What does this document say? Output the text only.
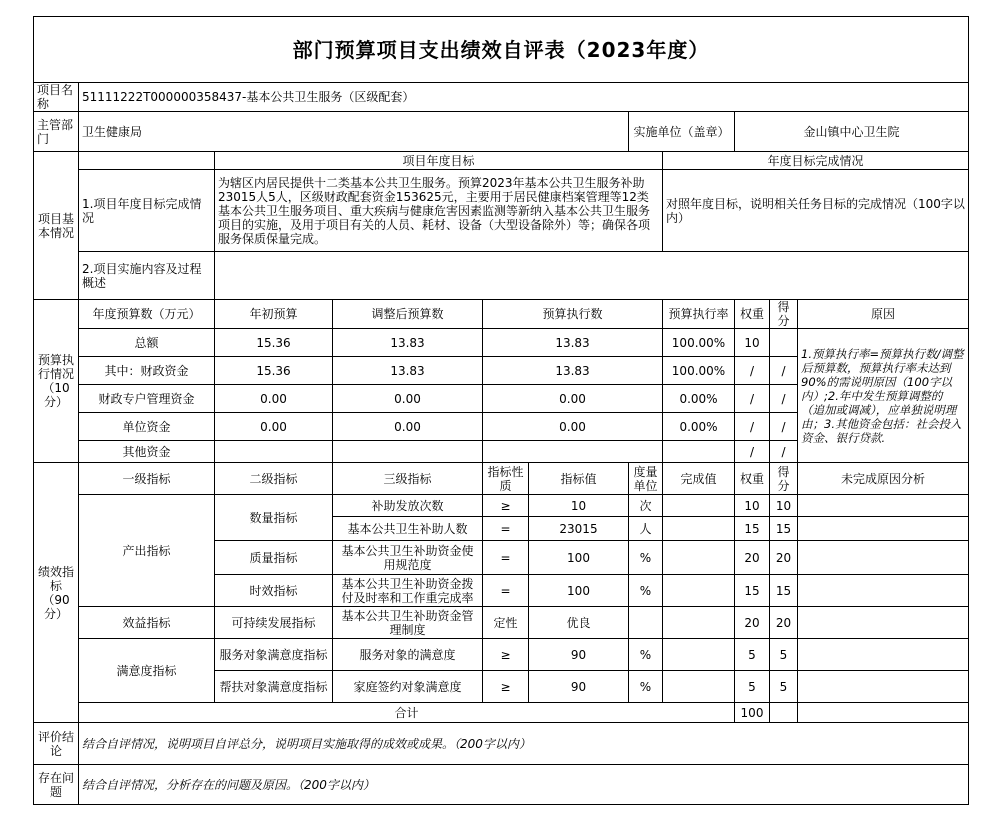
部门预算项目支出绩效自评表（2023年度）										
项目名称	51111222T000000358437-基本公共卫生服务（区级配套）									
主管部门	卫生健康局					实施单位（盖章）		金山镇中心卫生院		
项目基本情况		项目年度目标					年度目标完成情况			
	1.项目年度目标完成情况	为辖区内居民提供十二类基本公共卫生服务。预算2023年基本公共卫生服务补助23015人5人，区级财政配套资金153625元，主要用于居民健康档案管理等12类基本公共卫生服务项目、重大疾病与健康危害因素监测等新纳入基本公共卫生服务项目的实施，及用于项目有关的人员、耗材、设备（大型设备除外）等；确保各项服务保质保量完成。					对照年度目标，说明相关任务目标的完成情况（100字以内）			
	2.项目实施内容及过程概述									

预算执行情况（10分）	年度预算数（万元）	年初预算	调整后预算数	预算执行数			预算执行率	权重	得分	原因
	总额	15.36	13.83	13.83			100.00%	10		1.预算执行率=预算执行数/调整后预算数，预算执行率未达到90%的需说明原因（100字以内）;2.年中发生预算调整的（追加或调减），应单独说明理由；3.其他资金包括：社会投入资金、银行贷款.
	其中：财政资金	15.36	13.83	13.83			100.00%	/	/	
	财政专户管理资金	0.00	0.00	0.00			0.00%	/	/	
	单位资金	0.00	0.00	0.00			0.00%	/	/	
	其他资金							/	/	
绩效指标（90分）	一级指标	二级指标	三级指标	指标性质	指标值	度量单位	完成值	权重	得分	未完成原因分析
	产出指标	数量指标	补助发放次数	≥	10	次		10	10	
			基本公共卫生补助人数	=	23015	人		15	15	
		质量指标	基本公共卫生补助资金使用规范度	=	100	%		20	20	
		时效指标	基本公共卫生补助资金拨付及时率和工作重完成率	=	100	%		15	15	
	效益指标	可持续发展指标	基本公共卫生补助资金管理制度	定性	优良			20	20	
	满意度指标	服务对象满意度指标	服务对象的满意度	≥	90	%		5	5	
		帮扶对象满意度指标	家庭签约对象满意度	≥	90	%		5	5	
	合计							100		
评价结论	结合自评情况，说明项目自评总分，说明项目实施取得的成效或成果。（200字以内）									
存在问题	结合自评情况，分析存在的问题及原因。（200字以内）									
